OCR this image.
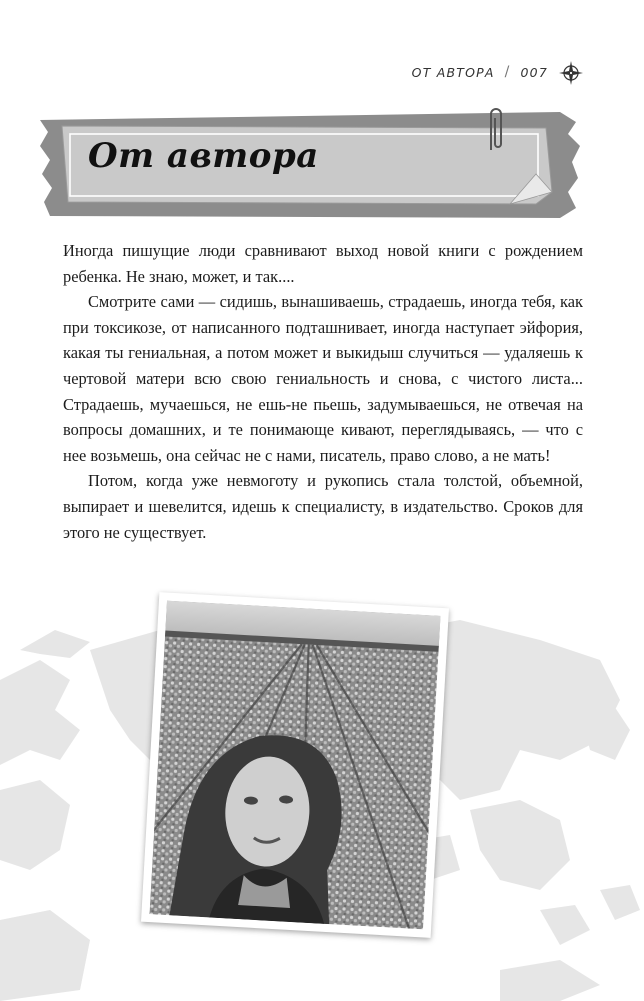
ОТ АВТОРА / 007
От автора

Иногда пишущие люди сравнивают выход новой книги с рождением ребенка. Не знаю, может, и так....

Смотрите сами — сидишь, вынашиваешь, страдаешь, иногда тебя, как при токсикозе, от написанного подташнивает, иногда наступает эйфория, какая ты гениальная, а потом может и выкидыш случиться — удаляешь к чертовой матери всю свою гениальность и снова, с чистого листа... Страдаешь, мучаешься, не ешь-не пьешь, задумываешься, не отвечая на вопросы домашних, и те понимающе кивают, переглядываясь, — что с нее возьмешь, она сейчас не с нами, писатель, право слово, а не мать!

Потом, когда уже невмоготу и рукопись стала толстой, объемной, выпирает и шевелится, идешь к специалисту, в издательство. Сроков для этого не существует.
